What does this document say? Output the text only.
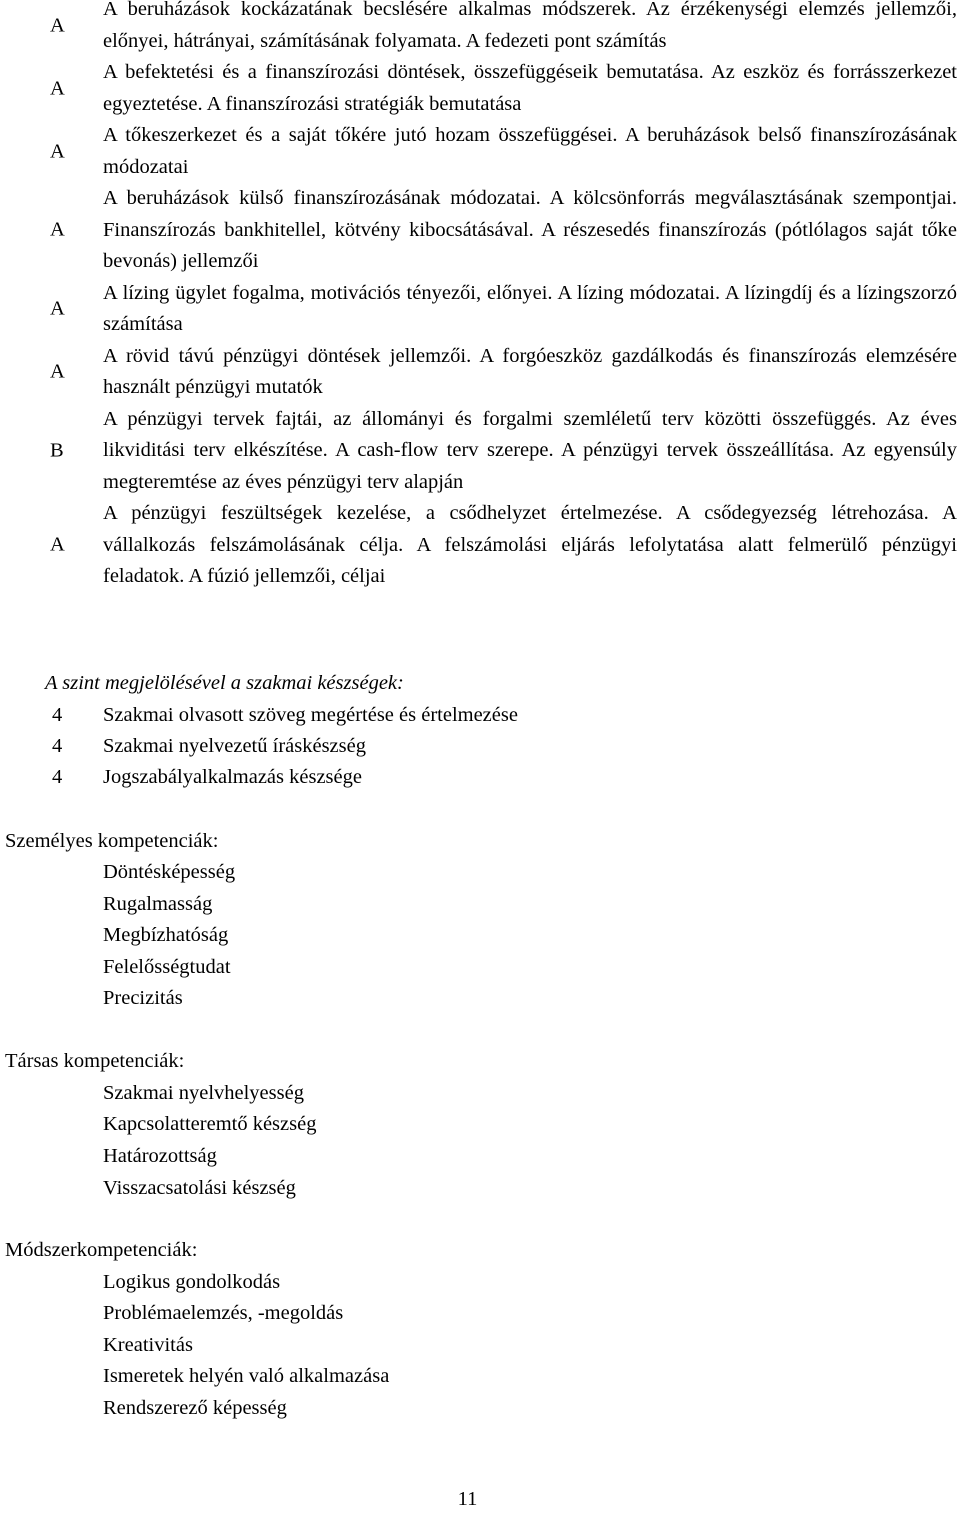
A
A beruházások kockázatának becslésére alkalmas módszerek. Az érzékenységi elemzés jellemzői, előnyei, hátrányai, számításának folyamata. A fedezeti pont számítás
A
A befektetési és a finanszírozási döntések, összefüggéseik bemutatása. Az eszköz és forrásszerkezet egyeztetése. A finanszírozási stratégiák bemutatása
A
A tőkeszerkezet és a saját tőkére jutó hozam összefüggései. A beruházások belső finanszírozásának módozatai
A
A beruházások külső finanszírozásának módozatai. A kölcsönforrás megválasztásának szempontjai. Finanszírozás bankhitellel, kötvény kibocsátásával. A részesedés finanszírozás (pótlólagos saját tőke bevonás) jellemzői
A
A lízing ügylet fogalma, motivációs tényezői, előnyei. A lízing módozatai. A lízingdíj és a lízingszorzó számítása
A
A rövid távú pénzügyi döntések jellemzői. A forgóeszköz gazdálkodás és finanszírozás elemzésére használt pénzügyi mutatók
B
A pénzügyi tervek fajtái, az állományi és forgalmi szemléletű terv közötti összefüggés. Az éves likviditási terv elkészítése. A cash-flow terv szerepe. A pénzügyi tervek összeállítása. Az egyensúly megteremtése az éves pénzügyi terv alapján
A
A pénzügyi feszültségek kezelése, a csődhelyzet értelmezése. A csődegyezség létrehozása. A vállalkozás felszámolásának célja. A felszámolási eljárás lefolytatása alatt felmerülő pénzügyi feladatok. A fúzió jellemzői, céljai
A szint megjelölésével a szakmai készségek:
4 Szakmai olvasott szöveg megértése és értelmezése
4 Szakmai nyelvezetű íráskészség
4 Jogszabályalkalmazás készsége
Személyes kompetenciák:
Döntésképesség
Rugalmasság
Megbízhatóság
Felelősségtudat
Precizitás
Társas kompetenciák:
Szakmai nyelvhelyesség
Kapcsolatteremtő készség
Határozottság
Visszacsatolási készség
Módszerkompetenciák:
Logikus gondolkodás
Problémaelemzés, -megoldás
Kreativitás
Ismeretek helyén való alkalmazása
Rendszerező képesség
11
